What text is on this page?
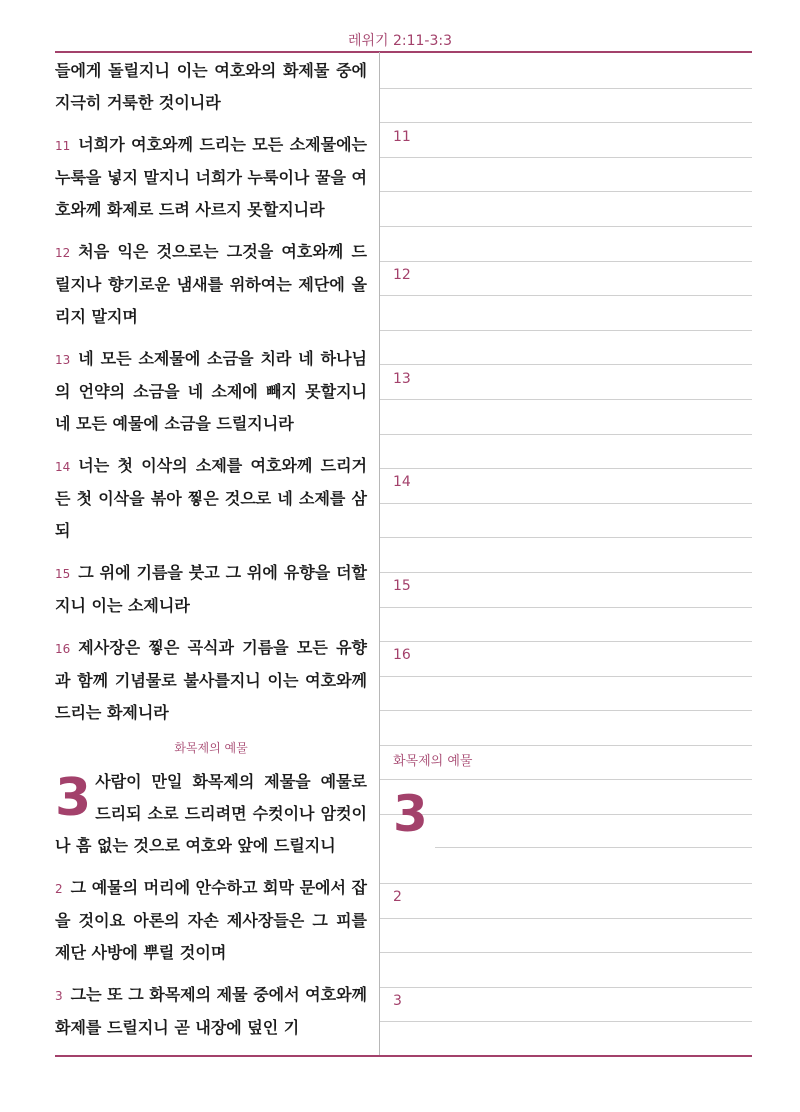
레위기 2:11-3:3

들에게 돌릴지니 이는 여호와의 화제물 중에 지극히 거룩한 것이니라

11 너희가 여호와께 드리는 모든 소제물에는 누룩을 넣지 말지니 너희가 누룩이나 꿀을 여호와께 화제로 드려 사르지 못할지니라

12 처음 익은 것으로는 그것을 여호와께 드릴지나 향기로운 냄새를 위하여는 제단에 올리지 말지며

13 네 모든 소제물에 소금을 치라 네 하나님의 언약의 소금을 네 소제에 빼지 못할지니 네 모든 예물에 소금을 드릴지니라

14 너는 첫 이삭의 소제를 여호와께 드리거든 첫 이삭을 볶아 찧은 것으로 네 소제를 삼되

15 그 위에 기름을 붓고 그 위에 유향을 더할지니 이는 소제니라

16 제사장은 찧은 곡식과 기름을 모든 유향과 함께 기념물로 불사를지니 이는 여호와께 드리는 화제니라

화목제의 예물

3 사람이 만일 화목제의 제물을 예물로 드리되 소로 드리려면 수컷이나 암컷이나 흠 없는 것으로 여호와 앞에 드릴지니

2 그 예물의 머리에 안수하고 회막 문에서 잡을 것이요 아론의 자손 제사장들은 그 피를 제단 사방에 뿌릴 것이며

3 그는 또 그 화목제의 제물 중에서 여호와께 화제를 드릴지니 곧 내장에 덮인 기

11
12
13
14
15
16
화목제의 예물
3
2
3
